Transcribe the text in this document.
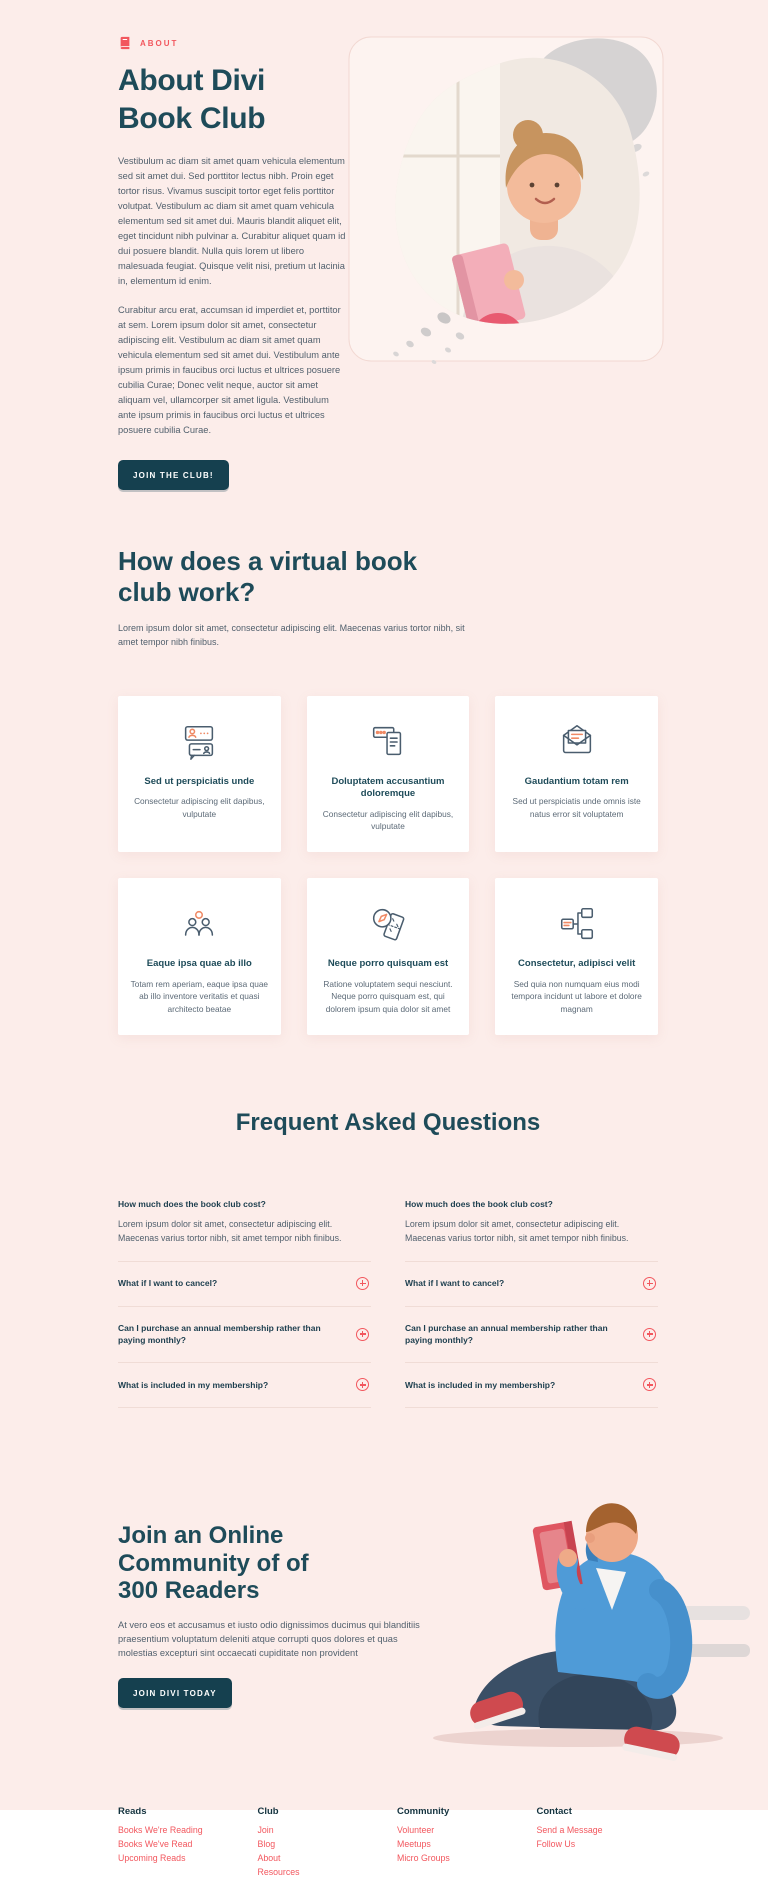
ABOUT
About Divi Book Club

Vestibulum ac diam sit amet quam vehicula elementum sed sit amet dui. Sed porttitor lectus nibh. Proin eget tortor risus. Vivamus suscipit tortor eget felis porttitor volutpat. Vestibulum ac diam sit amet quam vehicula elementum sed sit amet dui. Mauris blandit aliquet elit, eget tincidunt nibh pulvinar a. Curabitur aliquet quam id dui posuere blandit. Nulla quis lorem ut libero malesuada feugiat. Quisque velit nisi, pretium ut lacinia in, elementum id enim.

Curabitur arcu erat, accumsan id imperdiet et, porttitor at sem. Lorem ipsum dolor sit amet, consectetur adipiscing elit. Vestibulum ac diam sit amet quam vehicula elementum sed sit amet dui. Vestibulum ante ipsum primis in faucibus orci luctus et ultrices posuere cubilia Curae; Donec velit neque, auctor sit amet aliquam vel, ullamcorper sit amet ligula. Vestibulum ante ipsum primis in faucibus orci luctus et ultrices posuere cubilia Curae.

JOIN THE CLUB!
How does a virtual book club work?

Lorem ipsum dolor sit amet, consectetur adipiscing elit. Maecenas varius tortor nibh, sit amet tempor nibh finibus.

Sed ut perspiciatis unde

Consectetur adipiscing elit dapibus, vulputate

Doluptatem accusantium doloremque

Consectetur adipiscing elit dapibus, vulputate

Gaudantium totam rem

Sed ut perspiciatis unde omnis iste natus error sit voluptatem

Eaque ipsa quae ab illo

Totam rem aperiam, eaque ipsa quae ab illo inventore veritatis et quasi architecto beatae

Neque porro quisquam est

Ratione voluptatem sequi nesciunt. Neque porro quisquam est, qui dolorem ipsum quia dolor sit amet

Consectetur, adipisci velit

Sed quia non numquam eius modi tempora incidunt ut labore et dolore magnam

Frequent Asked Questions
How much does the book club cost?
Lorem ipsum dolor sit amet, consectetur adipiscing elit. Maecenas varius tortor nibh, sit amet tempor nibh finibus.
What if I want to cancel?
Can I purchase an annual membership rather than paying monthly?
What is included in my membership?
How much does the book club cost?
Lorem ipsum dolor sit amet, consectetur adipiscing elit. Maecenas varius tortor nibh, sit amet tempor nibh finibus.
What if I want to cancel?
Can I purchase an annual membership rather than paying monthly?
What is included in my membership?
Join an Online Community of of 300 Readers

At vero eos et accusamus et iusto odio dignissimos ducimus qui blanditiis praesentium voluptatum deleniti atque corrupti quos dolores et quas molestias excepturi sint occaecati cupiditate non provident

JOIN DIVI TODAY
Reads
Books We're Reading
Books We've Read
Upcoming Reads
Club
Join
Blog
About
Resources
Community
Volunteer
Meetups
Micro Groups
Contact
Send a Message
Follow Us
